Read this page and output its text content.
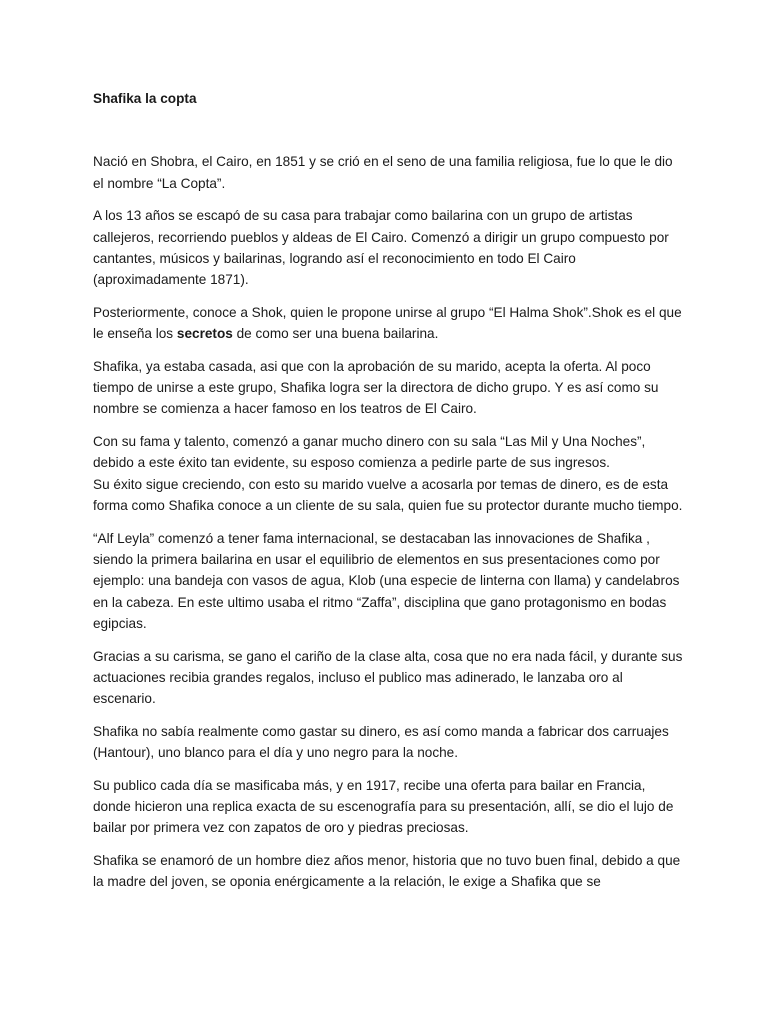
Shafika la copta

Nació en Shobra, el Cairo, en 1851 y se crió en el seno de una familia religiosa, fue lo que le dio el nombre “La Copta”.

A los 13 años se escapó de su casa para trabajar como bailarina con un grupo de artistas callejeros, recorriendo pueblos y aldeas de El Cairo. Comenzó a dirigir un grupo compuesto por cantantes, músicos y bailarinas, logrando así el reconocimiento en todo El Cairo (aproximadamente 1871).

Posteriormente, conoce a Shok, quien le propone unirse al grupo “El Halma Shok”.Shok es el que le enseña los secretos de como ser una buena bailarina.

Shafika, ya estaba casada, asi que con la aprobación de su marido, acepta la oferta. Al poco tiempo de unirse a este grupo, Shafika logra ser la directora de dicho grupo. Y es así como su nombre se comienza a hacer famoso en los teatros de El Cairo.

Con su fama y talento, comenzó a ganar mucho dinero con su sala “Las Mil y Una Noches”, debido a este éxito tan evidente, su esposo comienza a pedirle parte de sus ingresos.
Su éxito sigue creciendo, con esto su marido vuelve a acosarla por temas de dinero, es de esta forma como Shafika conoce a un cliente de su sala, quien fue su protector durante mucho tiempo.

“Alf Leyla” comenzó a tener fama internacional, se destacaban las innovaciones de Shafika , siendo la primera bailarina en usar el equilibrio de elementos en sus presentaciones como por ejemplo: una bandeja con vasos de agua, Klob (una especie de linterna con llama) y candelabros en la cabeza. En este ultimo usaba el ritmo “Zaffa”, disciplina que gano protagonismo en bodas egipcias.

Gracias a su carisma, se gano el cariño de la clase alta, cosa que no era nada fácil, y durante sus actuaciones recibia grandes regalos, incluso el publico mas adinerado, le lanzaba oro al escenario.

Shafika no sabía realmente como gastar su dinero, es así como manda a fabricar dos carruajes (Hantour), uno blanco para el día y uno negro para la noche.

Su publico cada día se masificaba más, y en 1917, recibe una oferta para bailar en Francia, donde hicieron una replica exacta de su escenografía para su presentación, allí, se dio el lujo de bailar por primera vez con zapatos de oro y piedras preciosas.

Shafika se enamoró de un hombre diez años menor, historia que no tuvo buen final, debido a que la madre del joven, se oponia enérgicamente a la relación, le exige a Shafika que se
